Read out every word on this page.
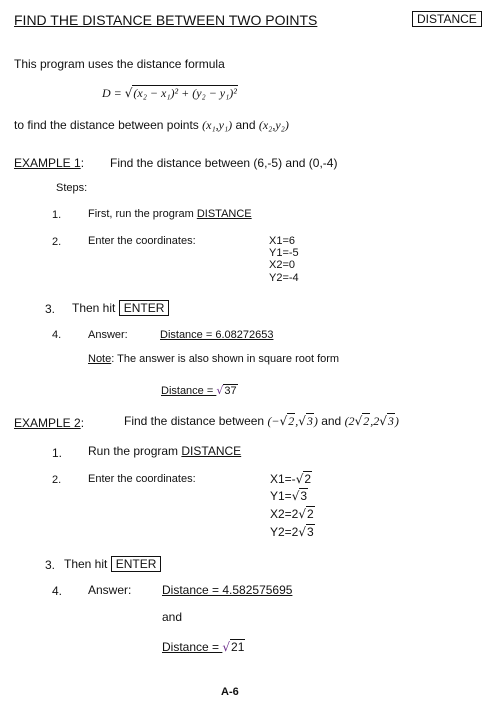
FIND THE DISTANCE BETWEEN TWO POINTS	DISTANCE
This program uses the distance formula
D = √(x₂ − x₁)² + (y₂ − y₁)²
to find the distance between points (x₁,y₁) and (x₂,y₂)
EXAMPLE 1: Find the distance between (6,-5) and (0,-4)
Steps:
1. First, run the program DISTANCE
2. Enter the coordinates:	X1=6
Y1=-5
X2=0
Y2=-4
3. Then hit ENTER
4. Answer:	Distance = 6.08272653
Note: The answer is also shown in square root form
Distance = √37
EXAMPLE 2:	Find the distance between (−√2,√3) and (2√2,2√3)
1. Run the program DISTANCE
2. Enter the coordinates:	X1=-√2
Y1=√3
X2=2√2
Y2=2√3
3. Then hit ENTER
4. Answer:	Distance = 4.582575695
and
Distance = √21
A-6
